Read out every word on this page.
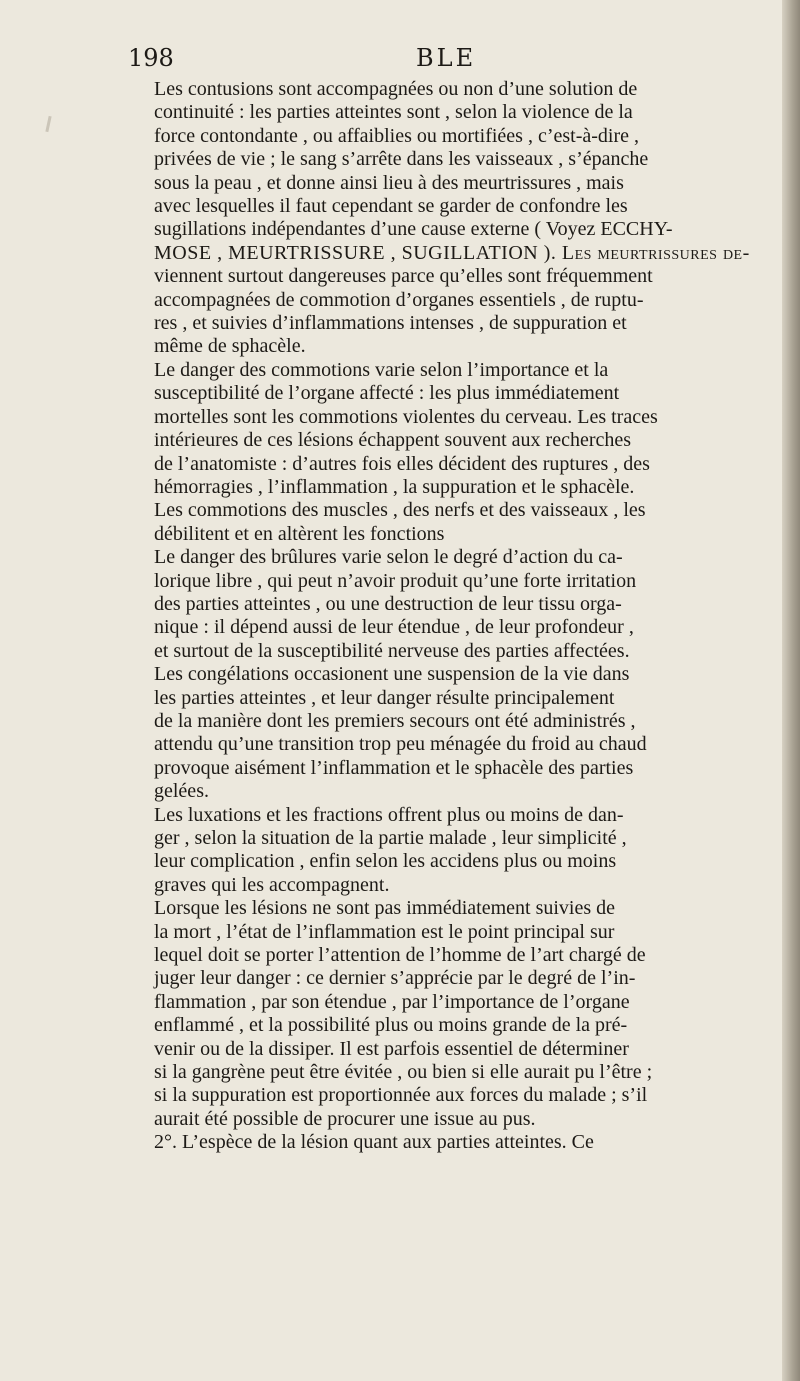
198	BLE

Les contusions sont accompagnées ou non d’une solution de
continuité : les parties atteintes sont , selon la violence de la
force contondante , ou affaiblies ou mortifiées , c’est-à-dire ,
privées de vie ; le sang s’arrête dans les vaisseaux , s’épanche
sous la peau , et donne ainsi lieu à des meurtrissures , mais
avec lesquelles il faut cependant se garder de confondre les
sugillations indépendantes d’une cause externe ( Voyez ECCHY-
MOSE , MEURTRISSURE , SUGILLATION ). Les meurtrissures de-
viennent surtout dangereuses parce qu’elles sont fréquemment
accompagnées de commotion d’organes essentiels , de ruptu-
res , et suivies d’inflammations intenses , de suppuration et
même de sphacèle.

Le danger des commotions varie selon l’importance et la
susceptibilité de l’organe affecté : les plus immédiatement
mortelles sont les commotions violentes du cerveau. Les traces
intérieures de ces lésions échappent souvent aux recherches
de l’anatomiste : d’autres fois elles décident des ruptures , des
hémorragies , l’inflammation , la suppuration et le sphacèle.
Les commotions des muscles , des nerfs et des vaisseaux , les
débilitent et en altèrent les fonctions

Le danger des brûlures varie selon le degré d’action du ca-
lorique libre , qui peut n’avoir produit qu’une forte irritation
des parties atteintes , ou une destruction de leur tissu orga-
nique : il dépend aussi de leur étendue , de leur profondeur ,
et surtout de la susceptibilité nerveuse des parties affectées.

Les congélations occasionent une suspension de la vie dans
les parties atteintes , et leur danger résulte principalement
de la manière dont les premiers secours ont été administrés ,
attendu qu’une transition trop peu ménagée du froid au chaud
provoque aisément l’inflammation et le sphacèle des parties
gelées.

Les luxations et les fractions offrent plus ou moins de dan-
ger , selon la situation de la partie malade , leur simplicité ,
leur complication , enfin selon les accidens plus ou moins
graves qui les accompagnent.

Lorsque les lésions ne sont pas immédiatement suivies de
la mort , l’état de l’inflammation est le point principal sur
lequel doit se porter l’attention de l’homme de l’art chargé de
juger leur danger : ce dernier s’apprécie par le degré de l’in-
flammation , par son étendue , par l’importance de l’organe
enflammé , et la possibilité plus ou moins grande de la pré-
venir ou de la dissiper. Il est parfois essentiel de déterminer
si la gangrène peut être évitée , ou bien si elle aurait pu l’être ;
si la suppuration est proportionnée aux forces du malade ; s’il
aurait été possible de procurer une issue au pus.

2°. L’espèce de la lésion quant aux parties atteintes. Ce
